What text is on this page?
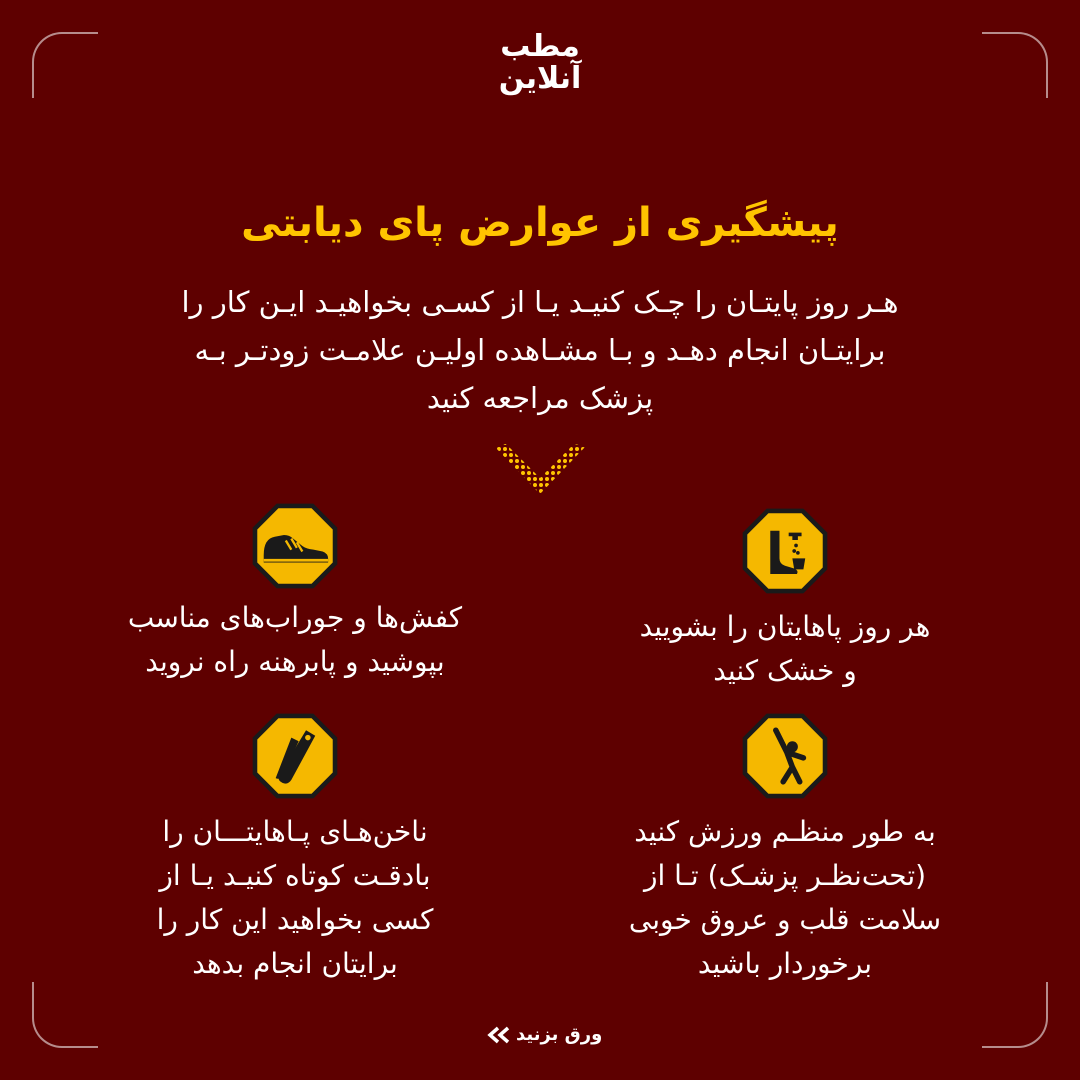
مطب
آنلاین
پیشگیری از عوارض پای دیابتی
هـر روز پایتـان را چـک کنیـد یـا از کسـی بخواهیـد ایـن کار را
برایتـان انجام دهـد و بـا مشـاهده اولیـن علامـت زودتـر بـه
پزشک مراجعه کنید
هر روز پاهایتان را بشویید
و خشک کنید
کفش‌ها و جوراب‌های مناسب
بپوشید و پابرهنه راه نروید
به طور منظـم ورزش کنید
(تحت‌نظـر پزشـک) تـا از
سلامت قلب و عروق خوبی
برخوردار باشید
ناخن‌هـای پـاهایتـــان را
بادقـت کوتاه کنیـد یـا از
کسی بخواهید این کار را
برایتان انجام بدهد
ورق بزنید
